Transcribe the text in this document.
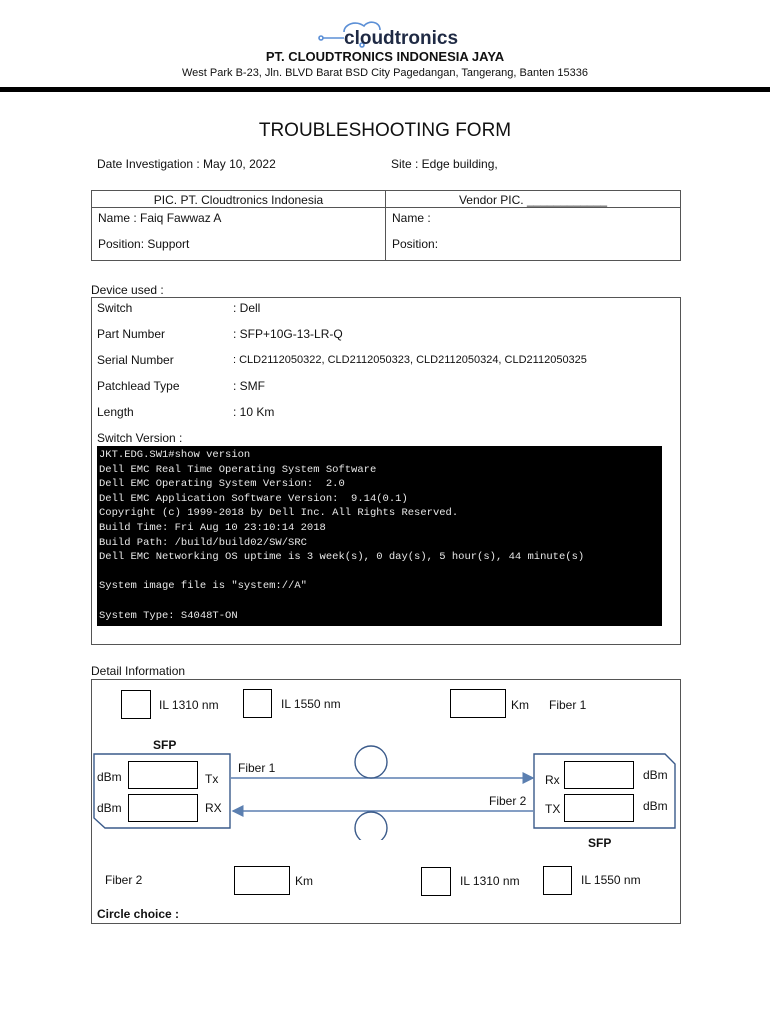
cloudtronics
PT. CLOUDTRONICS INDONESIA JAYA
West Park B-23, Jln. BLVD Barat BSD City Pagedangan, Tangerang, Banten 15336
TROUBLESHOOTING FORM
Date Investigation : May 10, 2022	Site : Edge building,
PIC. PT. Cloudtronics Indonesia	Vendor PIC. ____________
Name : Faiq Fawwaz A	Name :
Position: Support	Position:
Device used :
Switch	: Dell
Part Number	: SFP+10G-13-LR-Q
Serial Number	: CLD2112050322, CLD2112050323, CLD2112050324, CLD2112050325
Patchlead Type	: SMF
Length	: 10 Km
Switch Version :
JKT.EDG.SW1#show version
Dell EMC Real Time Operating System Software
Dell EMC Operating System Version:  2.0
Dell EMC Application Software Version:  9.14(0.1)
Copyright (c) 1999-2018 by Dell Inc. All Rights Reserved.
Build Time: Fri Aug 10 23:10:14 2018
Build Path: /build/build02/SW/SRC
Dell EMC Networking OS uptime is 3 week(s), 0 day(s), 5 hour(s), 44 minute(s)
System image file is "system://A"
System Type: S4048T-ON
Detail Information
IL 1310 nm	IL 1550 nm	Km Fiber 1
SFP
dBm	Tx
dBm	RX
Fiber 1
Fiber 2
Rx	dBm
TX	dBm
SFP
Fiber 2	Km	IL 1310 nm	IL 1550 nm
Circle choice :
